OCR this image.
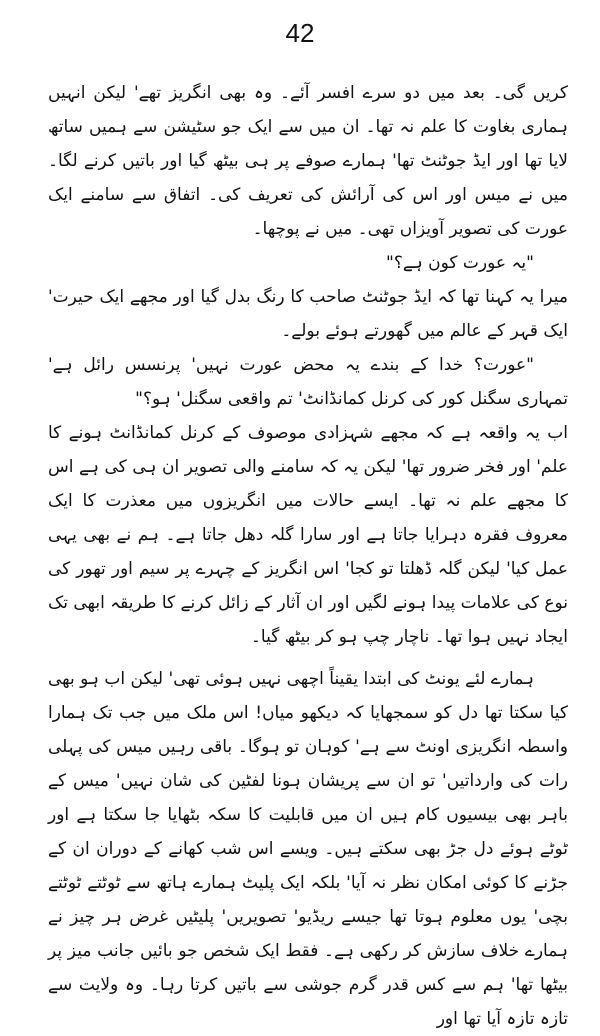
42

کریں گی۔ بعد میں دو سرے افسر آئے۔ وہ بھی انگریز تھے' لیکن انہیں ہماری بغاوت کا علم نہ تھا۔ ان میں سے ایک جو سٹیشن سے ہمیں ساتھ لایا تھا اور ایڈ جوٹنٹ تھا' ہمارے صوفے پر ہی بیٹھ گیا اور باتیں کرنے لگا۔ میں نے میس اور اس کی آرائش کی تعریف کی۔ اتفاق سے سامنے ایک عورت کی تصویر آویزاں تھی۔ میں نے پوچھا۔

"یہ عورت کون ہے؟"

میرا یہ کہنا تھا کہ ایڈ جوٹنٹ صاحب کا رنگ بدل گیا اور مجھے ایک حیرت' ایک قہر کے عالم میں گھورتے ہوئے بولے۔

"عورت؟ خدا کے بندے یہ محض عورت نہیں' پرنسس رائل ہے' تمہاری سگنل کور کی کرنل کمانڈانٹ' تم واقعی سگنل' ہو؟"

اب یہ واقعہ ہے کہ مجھے شہزادی موصوف کے کرنل کمانڈانٹ ہونے کا علم' اور فخر ضرور تھا' لیکن یہ کہ سامنے والی تصویر ان ہی کی ہے اس کا مجھے علم نہ تھا۔ ایسے حالات میں انگریزوں میں معذرت کا ایک معروف فقرہ دہرایا جاتا ہے اور سارا گلہ دھل جاتا ہے۔ ہم نے بھی یہی عمل کیا' لیکن گلہ ڈھلتا تو کجا' اس انگریز کے چہرے پر سیم اور تھور کی نوع کی علامات پیدا ہونے لگیں اور ان آثار کے زائل کرنے کا طریقہ ابھی تک ایجاد نہیں ہوا تھا۔ ناچار چپ ہو کر بیٹھ گیا۔

ہمارے لئے یونٹ کی ابتدا یقیناً اچھی نہیں ہوئی تھی' لیکن اب ہو بھی کیا سکتا تھا دل کو سمجھایا کہ دیکھو میاں! اس ملک میں جب تک ہمارا واسطہ انگریزی اونٹ سے ہے' کوہان تو ہوگا۔ باقی رہیں میس کی پہلی رات کی وارداتیں' تو ان سے پریشان ہونا لفٹین کی شان نہیں' میس کے باہر بھی بیسیوں کام ہیں ان میں قابلیت کا سکہ بٹھایا جا سکتا ہے اور ٹوٹے ہوئے دل جڑ بھی سکتے ہیں۔ ویسے اس شب کھانے کے دوران ان کے جڑنے کا کوئی امکان نظر نہ آیا' بلکہ ایک پلیٹ ہمارے ہاتھ سے ٹوٹتے ٹوٹتے بچی' یوں معلوم ہوتا تھا جیسے ریڈیو' تصویریں' پلیٹیں غرض ہر چیز نے ہمارے خلاف سازش کر رکھی ہے۔ فقط ایک شخص جو بائیں جانب میز پر بیٹھا تھا' ہم سے کس قدر گرم جوشی سے باتیں کرتا رہا۔ وہ ولایت سے تازہ تازہ آیا تھا اور
